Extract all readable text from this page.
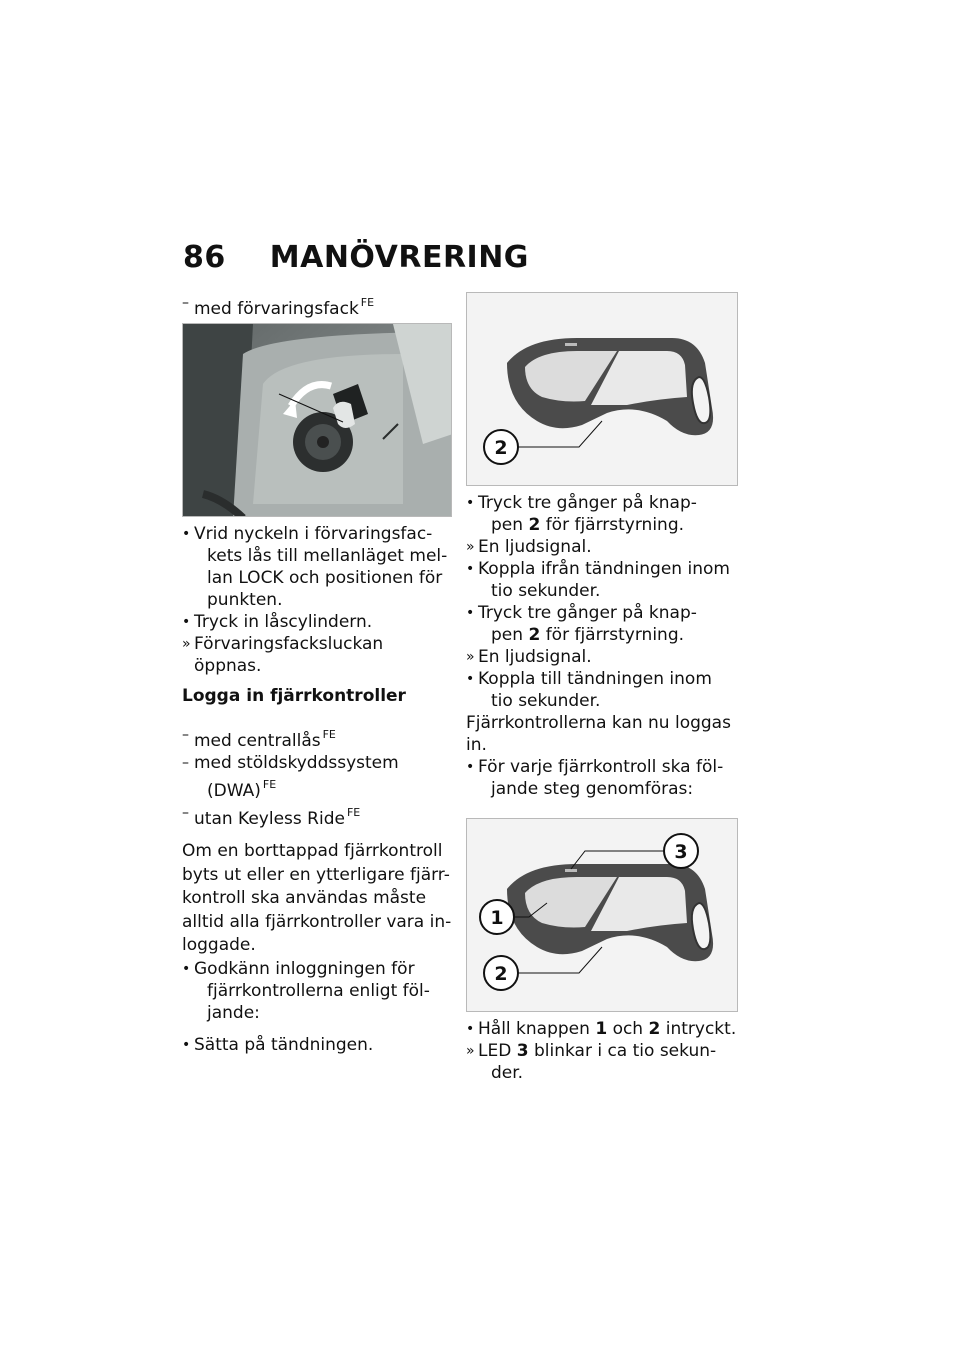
86 MANÖVRERING

– med förvaringsfack $^{FE}$

• Vrid nyckeln i förvaringsfac-

kets lås till mellanläget mel-

lan LOCK och positionen för

punkten.

• Tryck in låscylindern.

» Förvaringsfacksluckan öppnas.

Logga in fjärrkontroller

– med centrallås $^{FE}$

– med stöldskyddssystem

(DWA) $^{FE}$

– utan Keyless Ride $^{FE}$

Om en borttappad fjärrkontroll

byts ut eller en ytterligare fjärr-

kontroll ska användas måste

alltid alla fjärrkontroller vara in-

loggade.

• Godkänn inloggningen för

fjärrkontrollerna enligt föl-

jande:

• Sätta på tändningen.

2

• Tryck tre gånger på knap-

pen 2 för fjärrstyrning.

» En ljudsignal.

• Koppla ifrån tändningen inom

tio sekunder.

• Tryck tre gånger på knap-

pen 2 för fjärrstyrning.

» En ljudsignal.

• Koppla till tändningen inom

tio sekunder.

Fjärrkontrollerna kan nu loggas

in.

• För varje fjärrkontroll ska föl-

jande steg genomföras:

3
1
2

• Håll knappen 1 och 2 intryckt.

» LED 3 blinkar i ca tio sekun-

der.
